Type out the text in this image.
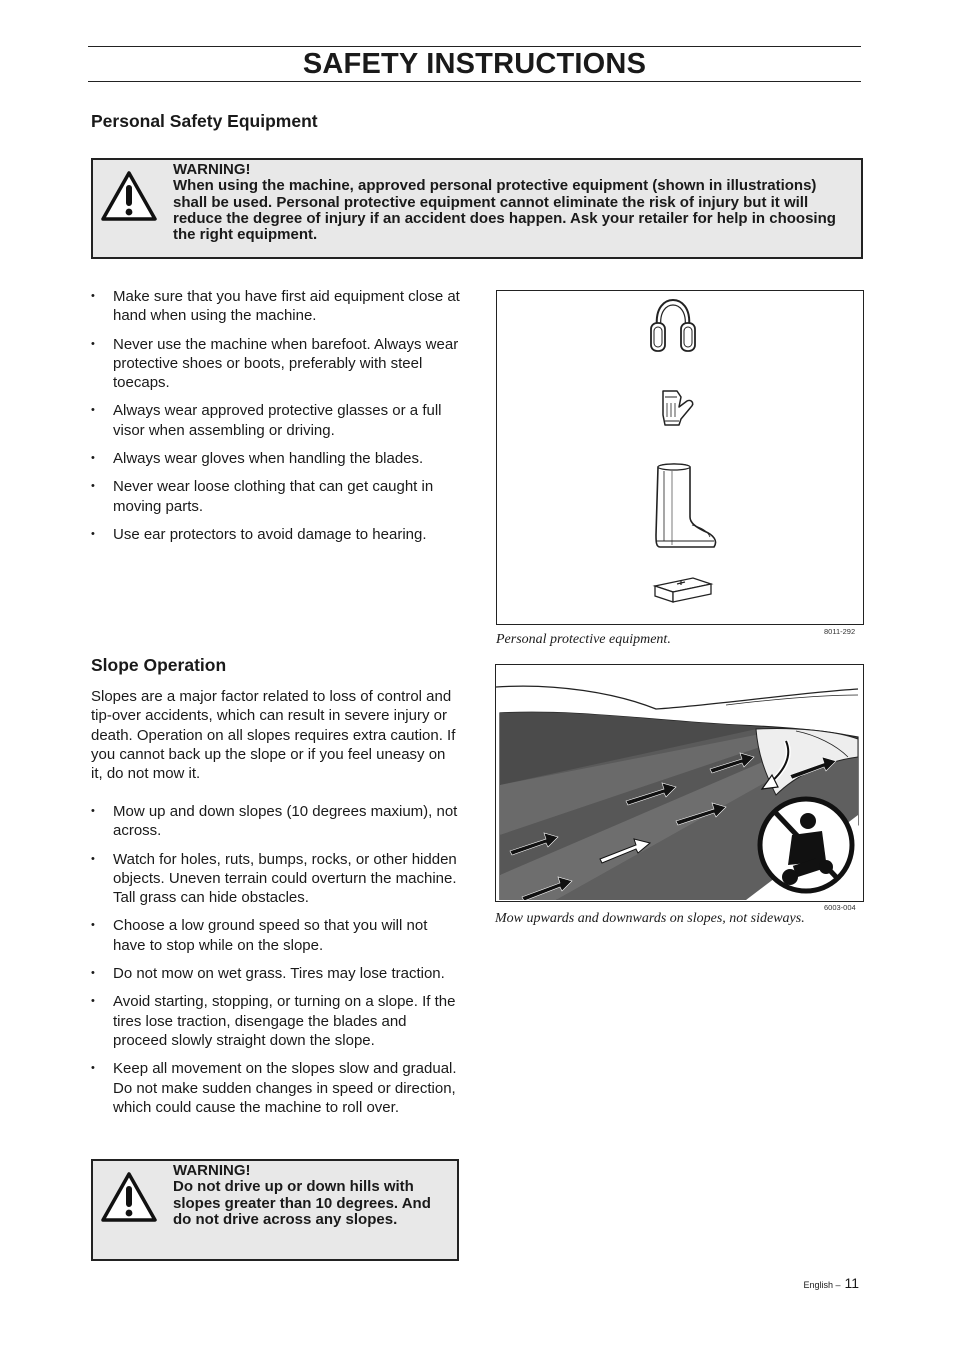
SAFETY INSTRUCTIONS
Personal Safety Equipment
WARNING!
When using the machine, approved personal protective equipment (shown in illustrations) shall be used. Personal protective equipment cannot eliminate the risk of injury but it will reduce the degree of injury if an accident does happen. Ask your retailer for help in choosing the right equipment.
• Make sure that you have first aid equipment close at hand when using the machine.
• Never use the machine when barefoot. Always wear protective shoes or boots, preferably with steel toecaps.
• Always wear approved protective glasses or a full visor when assembling or driving.
• Always wear gloves when handling the blades.
• Never wear loose clothing that can get caught in moving parts.
• Use ear protectors to avoid damage to hearing.
8011-292
Personal protective equipment.
Slope Operation

Slopes are a major factor related to loss of control and tip-over accidents, which can result in severe injury or death. Operation on all slopes requires extra caution. If you cannot back up the slope or if you feel uneasy on it, do not mow it.

• Mow up and down slopes (10 degrees maxium), not across.
• Watch for holes, ruts, bumps, rocks, or other hidden objects. Uneven terrain could overturn the machine. Tall grass can hide obstacles.
• Choose a low ground speed so that you will not have to stop while on the slope.
• Do not mow on wet grass. Tires may lose traction.
• Avoid starting, stopping, or turning on a slope. If the tires lose traction, disengage the blades and proceed slowly straight down the slope.
• Keep all movement on the slopes slow and gradual. Do not make sudden changes in speed or direction, which could cause the machine to roll over.
WARNING!
Do not drive up or down hills with slopes greater than 10 degrees. And do not drive across any slopes.
6003-004
Mow upwards and downwards on slopes, not sideways.
English – 11
